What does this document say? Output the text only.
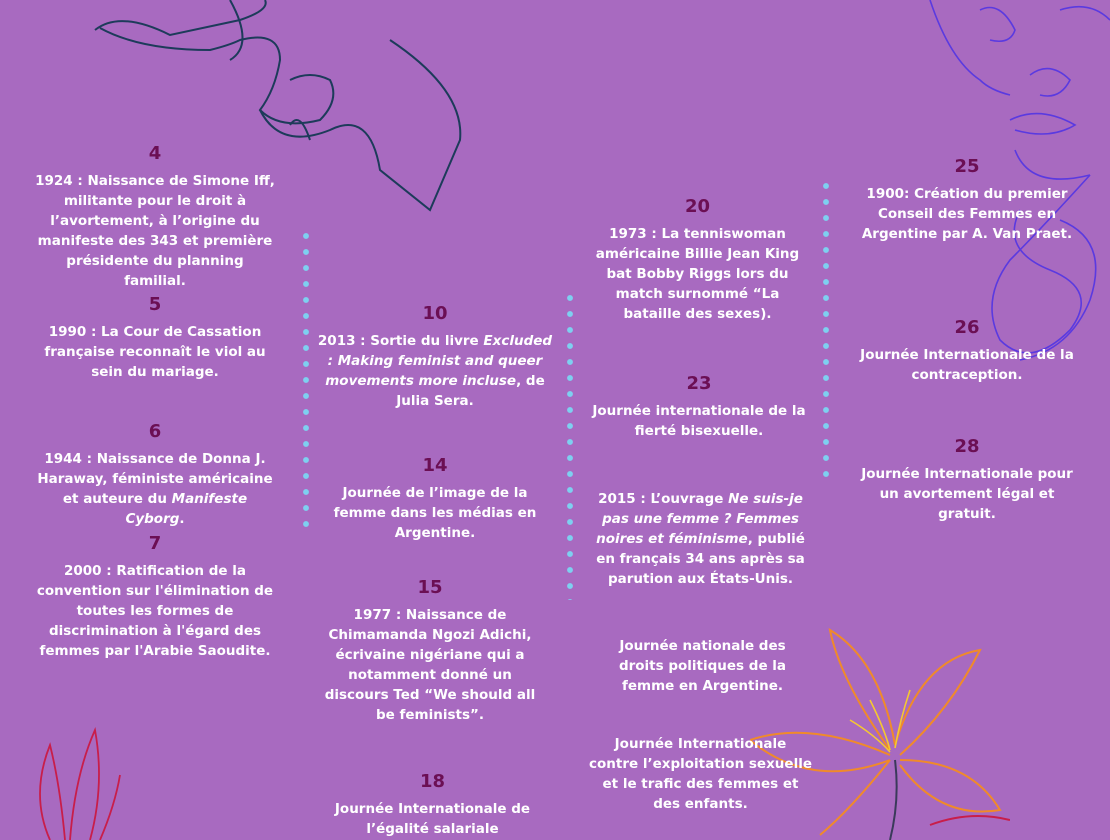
4
1924 : Naissance de Simone Iff, militante pour le droit à l’avortement, à l’origine du manifeste des 343 et première présidente du planning familial.
5
1990 : La Cour de Cassation française reconnaît le viol au sein du mariage.
6
1944 : Naissance de Donna J. Haraway, féministe américaine et auteure du Manifeste Cyborg.
7
2000 : Ratification de la convention sur l'élimination de toutes les formes de discrimination à l'égard des femmes par l'Arabie Saoudite.
10
2013 : Sortie du livre Excluded : Making feminist and queer movements more incluse, de Julia Sera.
14
Journée de l’image de la femme dans les médias en Argentine.
15
1977 : Naissance de Chimamanda Ngozi Adichi, écrivaine nigériane qui a notamment donné un discours Ted “We should all be feminists”.
18
Journée Internationale de l’égalité salariale
20
1973 : La tenniswoman américaine Billie Jean King bat Bobby Riggs lors du match surnommé “La bataille des sexes).
23
Journée internationale de la fierté bisexuelle.
2015 : L’ouvrage Ne suis-je pas une femme ? Femmes noires et féminisme, publié en français 34 ans après sa parution aux États-Unis.
Journée nationale des droits politiques de la femme en Argentine.
Journée Internationale contre l’exploitation sexuelle et le trafic des femmes et des enfants.
25
1900: Création du premier Conseil des Femmes en Argentine par A. Van Praet.
26
Journée Internationale de la contraception.
28
Journée Internationale pour un avortement légal et gratuit.
